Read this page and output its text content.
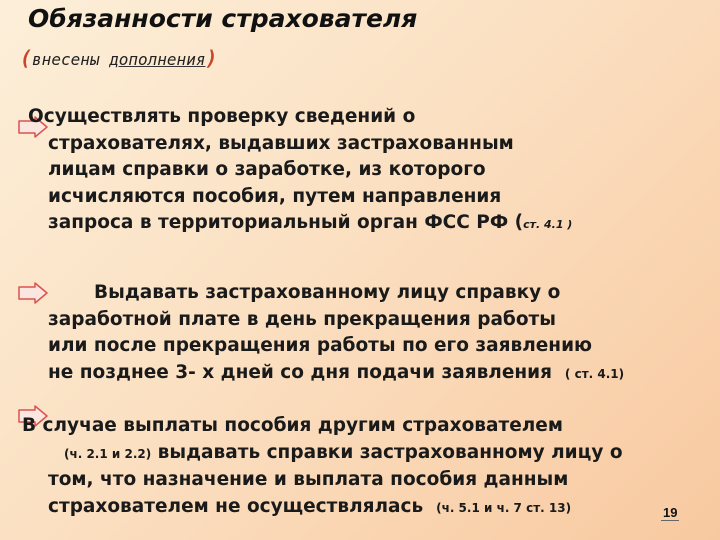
Обязанности страхователя
(внесены дополнения)
Осуществлять проверку сведений о
страхователях, выдавших застрахованным
лицам справки о заработке, из которого
исчисляются пособия, путем направления
запроса в территориальный орган ФСС РФ (ст. 4.1 )
Выдавать застрахованному лицу справку о
заработной плате в день прекращения работы
или после прекращения работы по его заявлению
не позднее 3- х дней со дня подачи заявления ( ст. 4.1)
В случае выплаты пособия другим страхователем
(ч. 2.1 и 2.2) выдавать справки застрахованному лицу о
том, что назначение и выплата пособия данным
страхователем не осуществлялась (ч. 5.1 и ч. 7 ст. 13)	19
